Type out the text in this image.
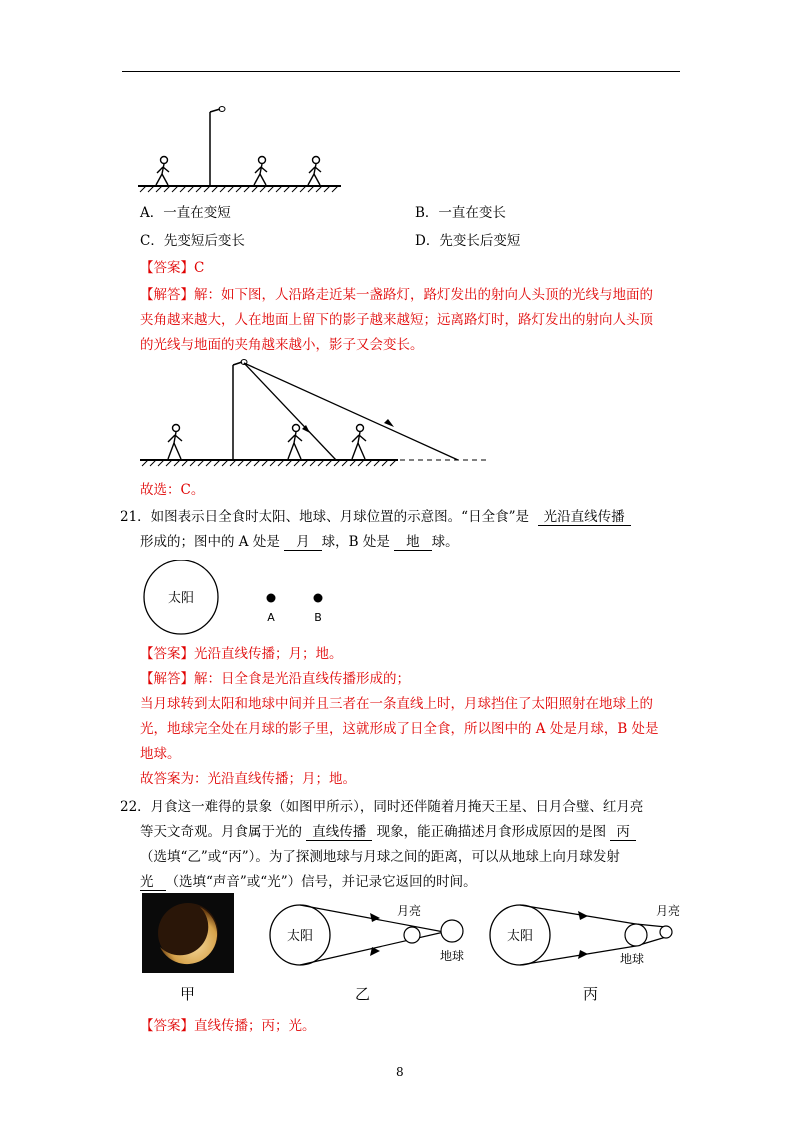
A．一直在变短	B．一直在变长
C．先变短后变长	D．先变长后变短
【答案】C
【解答】解：如下图，人沿路走近某一盏路灯，路灯发出的射向人头顶的光线与地面的
夹角越来越大，人在地面上留下的影子越来越短；远离路灯时，路灯发出的射向人头顶
的光线与地面的夹角越来越小，影子又会变长。
故选：C。
21．如图表示日全食时太阳、地球、月球位置的示意图。“日全食”是 光沿直线传播
形成的；图中的 A 处是 月 球，B 处是 地 球。
太阳
A	B
【答案】光沿直线传播；月；地。
【解答】解：日全食是光沿直线传播形成的；
当月球转到太阳和地球中间并且三者在一条直线上时，月球挡住了太阳照射在地球上的
光，地球完全处在月球的影子里，这就形成了日全食，所以图中的 A 处是月球，B 处是
地球。
故答案为：光沿直线传播；月；地。
22．月食这一难得的景象（如图甲所示），同时还伴随着月掩天王星、日月合璧、红月亮
等天文奇观。月食属于光的 直线传播 现象，能正确描述月食形成原因的是图 丙
（选填“乙”或“丙”）。为了探测地球与月球之间的距离，可以从地球上向月球发射
光 （选填“声音”或“光”）信号，并记录它返回的时间。
甲
太阳
月亮
地球
乙
太阳
月亮
地球
丙
【答案】直线传播；丙；光。
8
